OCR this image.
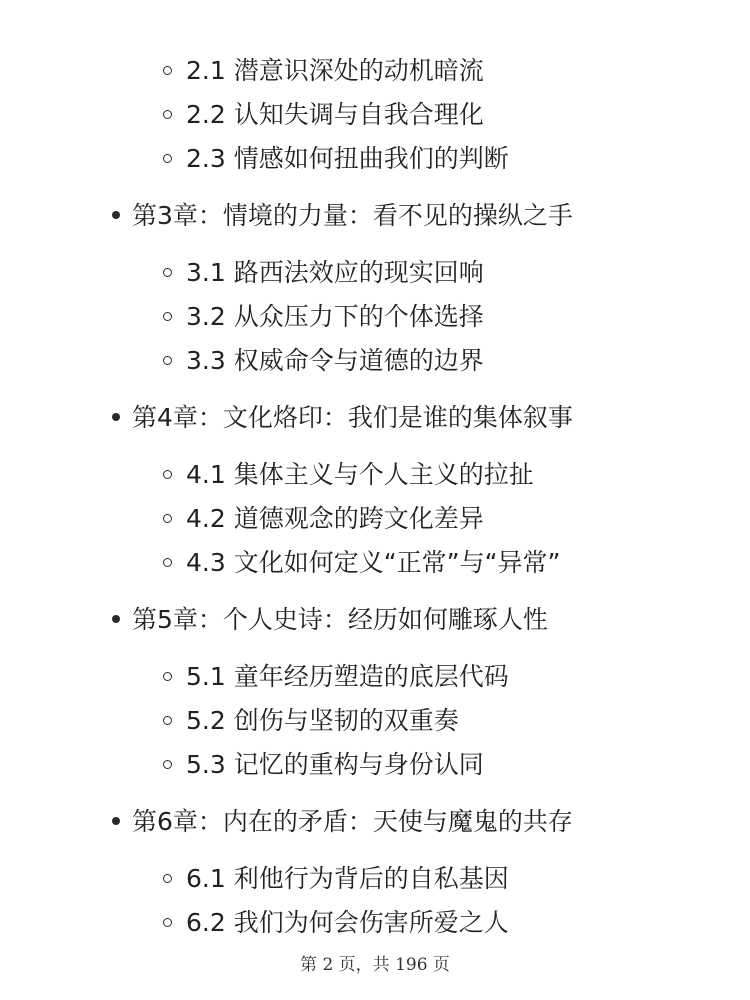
2.1 潜意识深处的动机暗流
2.2 认知失调与自我合理化
2.3 情感如何扭曲我们的判断
第3章：情境的力量：看不见的操纵之手
3.1 路西法效应的现实回响
3.2 从众压力下的个体选择
3.3 权威命令与道德的边界
第4章：文化烙印：我们是谁的集体叙事
4.1 集体主义与个人主义的拉扯
4.2 道德观念的跨文化差异
4.3 文化如何定义“正常”与“异常”
第5章：个人史诗：经历如何雕琢人性
5.1 童年经历塑造的底层代码
5.2 创伤与坚韧的双重奏
5.3 记忆的重构与身份认同
第6章：内在的矛盾：天使与魔鬼的共存
6.1 利他行为背后的自私基因
6.2 我们为何会伤害所爱之人
第 2 页，共 196 页
